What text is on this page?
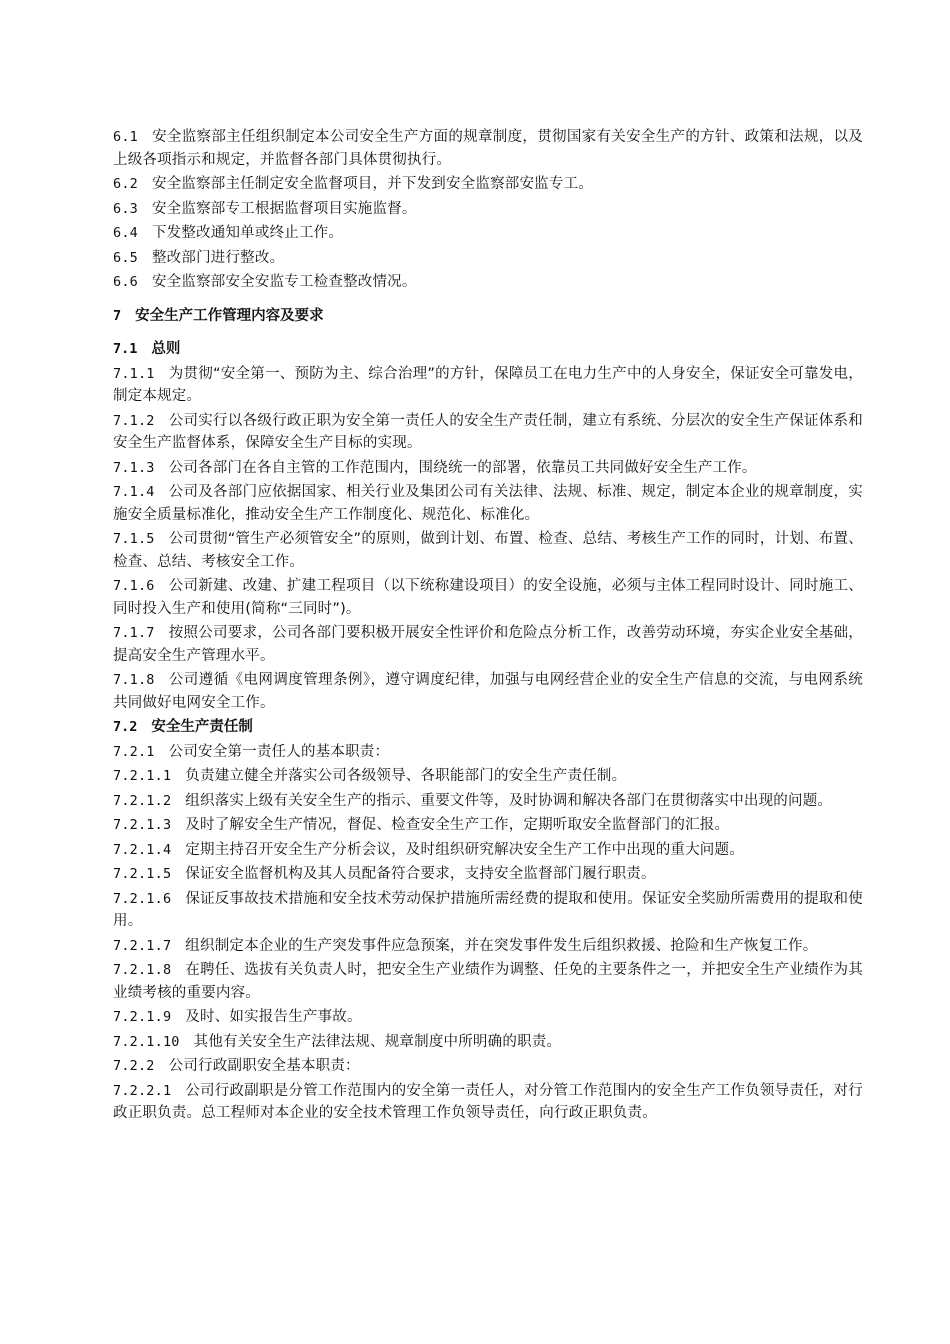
6.1 安全监察部主任组织制定本公司安全生产方面的规章制度，贯彻国家有关安全生产的方针、政策和法规，以及上级各项指示和规定，并监督各部门具体贯彻执行。

6.2 安全监察部主任制定安全监督项目，并下发到安全监察部安监专工。

6.3 安全监察部专工根据监督项目实施监督。

6.4 下发整改通知单或终止工作。

6.5 整改部门进行整改。

6.6 安全监察部安全安监专工检查整改情况。

7 安全生产工作管理内容及要求

7.1 总则

7.1.1 为贯彻“安全第一、预防为主、综合治理”的方针，保障员工在电力生产中的人身安全，保证安全可靠发电，制定本规定。

7.1.2 公司实行以各级行政正职为安全第一责任人的安全生产责任制，建立有系统、分层次的安全生产保证体系和安全生产监督体系，保障安全生产目标的实现。

7.1.3 公司各部门在各自主管的工作范围内，围绕统一的部署，依靠员工共同做好安全生产工作。

7.1.4 公司及各部门应依据国家、相关行业及集团公司有关法律、法规、标准、规定，制定本企业的规章制度，实施安全质量标准化，推动安全生产工作制度化、规范化、标准化。

7.1.5 公司贯彻“管生产必须管安全”的原则，做到计划、布置、检查、总结、考核生产工作的同时，计划、布置、检查、总结、考核安全工作。

7.1.6 公司新建、改建、扩建工程项目（以下统称建设项目）的安全设施，必须与主体工程同时设计、同时施工、同时投入生产和使用(简称“三同时”)。

7.1.7 按照公司要求，公司各部门要积极开展安全性评价和危险点分析工作，改善劳动环境，夯实企业安全基础，提高安全生产管理水平。

7.1.8 公司遵循《电网调度管理条例》，遵守调度纪律，加强与电网经营企业的安全生产信息的交流，与电网系统共同做好电网安全工作。

7.2 安全生产责任制

7.2.1 公司安全第一责任人的基本职责：

7.2.1.1 负责建立健全并落实公司各级领导、各职能部门的安全生产责任制。

7.2.1.2 组织落实上级有关安全生产的指示、重要文件等，及时协调和解决各部门在贯彻落实中出现的问题。

7.2.1.3 及时了解安全生产情况，督促、检查安全生产工作，定期听取安全监督部门的汇报。

7.2.1.4 定期主持召开安全生产分析会议，及时组织研究解决安全生产工作中出现的重大问题。

7.2.1.5 保证安全监督机构及其人员配备符合要求，支持安全监督部门履行职责。

7.2.1.6 保证反事故技术措施和安全技术劳动保护措施所需经费的提取和使用。保证安全奖励所需费用的提取和使用。

7.2.1.7 组织制定本企业的生产突发事件应急预案，并在突发事件发生后组织救援、抢险和生产恢复工作。

7.2.1.8 在聘任、选拔有关负责人时，把安全生产业绩作为调整、任免的主要条件之一，并把安全生产业绩作为其业绩考核的重要内容。

7.2.1.9 及时、如实报告生产事故。

7.2.1.10 其他有关安全生产法律法规、规章制度中所明确的职责。

7.2.2 公司行政副职安全基本职责：

7.2.2.1 公司行政副职是分管工作范围内的安全第一责任人，对分管工作范围内的安全生产工作负领导责任，对行政正职负责。总工程师对本企业的安全技术管理工作负领导责任，向行政正职负责。
